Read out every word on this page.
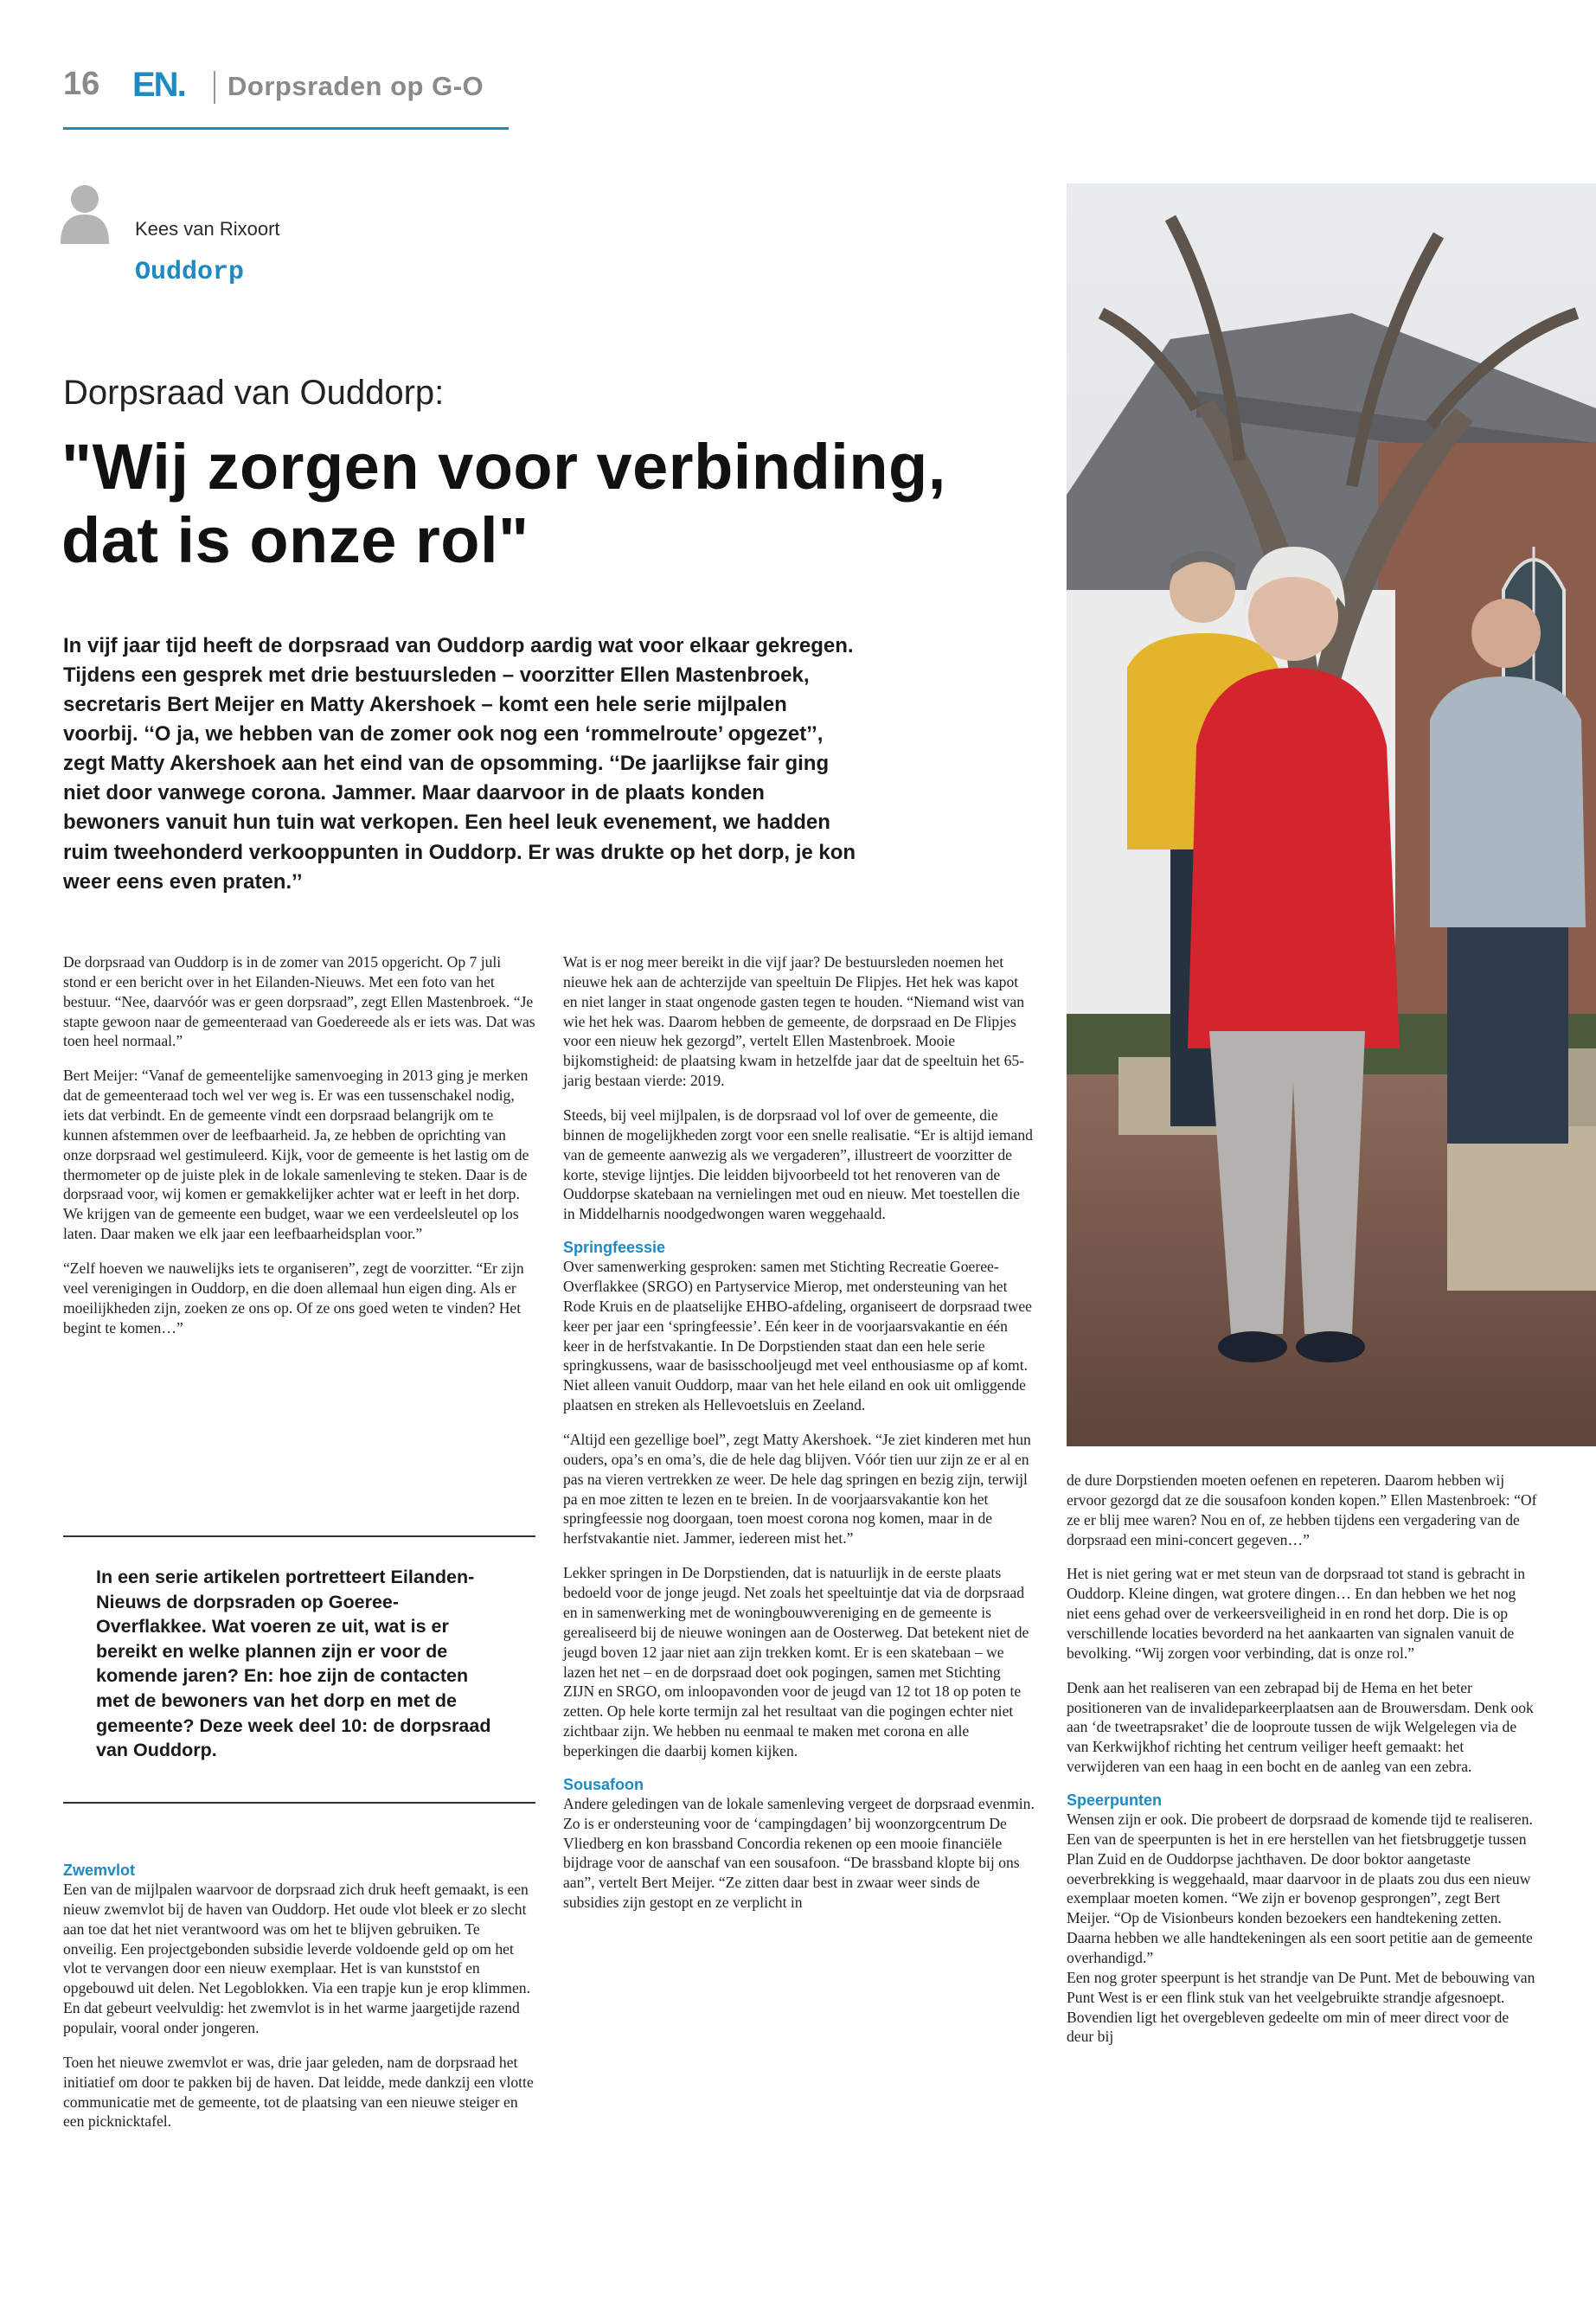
16 EN. Dorpsraden op G-O
Kees van Rixoort
Ouddorp
Dorpsraad van Ouddorp:
"Wij zorgen voor verbinding,
dat is onze rol"
In vijf jaar tijd heeft de dorpsraad van Ouddorp aardig wat voor elkaar gekregen. Tijdens een gesprek met drie bestuursleden – voorzitter Ellen Mastenbroek, secretaris Bert Meijer en Matty Akershoek – komt een hele serie mijlpalen voorbij. ‘‘O ja, we hebben van de zomer ook nog een ‘rommelroute’ opgezet’’, zegt Matty Akershoek aan het eind van de opsomming. ‘‘De jaarlijkse fair ging niet door vanwege corona. Jammer. Maar daarvoor in de plaats konden bewoners vanuit hun tuin wat verkopen. Een heel leuk evenement, we hadden ruim tweehonderd verkooppunten in Ouddorp. Er was drukte op het dorp, je kon weer eens even praten.’’

De dorpsraad van Ouddorp is in de zomer van 2015 opgericht. Op 7 juli stond er een bericht over in het Eilanden-Nieuws. Met een foto van het bestuur. “Nee, daarvóór was er geen dorpsraad”, zegt Ellen Mastenbroek. “Je stapte gewoon naar de gemeenteraad van Goedereede als er iets was. Dat was toen heel normaal.”

Bert Meijer: “Vanaf de gemeentelijke samenvoeging in 2013 ging je merken dat de gemeenteraad toch wel ver weg is. Er was een tussenschakel nodig, iets dat verbindt. En de gemeente vindt een dorpsraad belangrijk om te kunnen afstemmen over de leefbaarheid. Ja, ze hebben de oprichting van onze dorpsraad wel gestimuleerd. Kijk, voor de gemeente is het lastig om de thermometer op de juiste plek in de lokale samenleving te steken. Daar is de dorpsraad voor, wij komen er gemakkelijker achter wat er leeft in het dorp. We krijgen van de gemeente een budget, waar we een verdeelsleutel op los laten. Daar maken we elk jaar een leefbaarheidsplan voor.”

“Zelf hoeven we nauwelijks iets te organiseren”, zegt de voorzitter. “Er zijn veel verenigingen in Ouddorp, en die doen allemaal hun eigen ding. Als er moeilijkheden zijn, zoeken ze ons op. Of ze ons goed weten te vinden? Het begint te komen…”

In een serie artikelen portretteert Eilanden-Nieuws de dorpsraden op Goeree-Overflakkee. Wat voeren ze uit, wat is er bereikt en welke plannen zijn er voor de komende jaren? En: hoe zijn de contacten met de bewoners van het dorp en met de gemeente? Deze week deel 10: de dorpsraad van Ouddorp.
Zwemvlot

Een van de mijlpalen waarvoor de dorpsraad zich druk heeft gemaakt, is een nieuw zwemvlot bij de haven van Ouddorp. Het oude vlot bleek er zo slecht aan toe dat het niet verantwoord was om het te blijven gebruiken. Te onveilig. Een projectgebonden subsidie leverde voldoende geld op om het vlot te vervangen door een nieuw exemplaar. Het is van kunststof en opgebouwd uit delen. Net Legoblokken. Via een trapje kun je erop klimmen. En dat gebeurt veelvuldig: het zwemvlot is in het warme jaargetijde razend populair, vooral onder jongeren.

Toen het nieuwe zwemvlot er was, drie jaar geleden, nam de dorpsraad het initiatief om door te pakken bij de haven. Dat leidde, mede dankzij een vlotte communicatie met de gemeente, tot de plaatsing van een nieuwe steiger en een picknicktafel.

Wat is er nog meer bereikt in die vijf jaar? De bestuursleden noemen het nieuwe hek aan de achterzijde van speeltuin De Flipjes. Het hek was kapot en niet langer in staat ongenode gasten tegen te houden. “Niemand wist van wie het hek was. Daarom hebben de gemeente, de dorpsraad en De Flipjes voor een nieuw hek gezorgd”, vertelt Ellen Mastenbroek. Mooie bijkomstigheid: de plaatsing kwam in hetzelfde jaar dat de speeltuin het 65-jarig bestaan vierde: 2019.

Steeds, bij veel mijlpalen, is de dorpsraad vol lof over de gemeente, die binnen de mogelijkheden zorgt voor een snelle realisatie. “Er is altijd iemand van de gemeente aanwezig als we vergaderen”, illustreert de voorzitter de korte, stevige lijntjes. Die leidden bijvoorbeeld tot het renoveren van de Ouddorpse skatebaan na vernielingen met oud en nieuw. Met toestellen die in Middelharnis noodgedwongen waren weggehaald.

Springfeessie

Over samenwerking gesproken: samen met Stichting Recreatie Goeree-Overflakkee (SRGO) en Partyservice Mierop, met ondersteuning van het Rode Kruis en de plaatselijke EHBO-afdeling, organiseert de dorpsraad twee keer per jaar een ‘springfeessie’. Eén keer in de voorjaarsvakantie en één keer in de herfstvakantie. In De Dorpstienden staat dan een hele serie springkussens, waar de basisschooljeugd met veel enthousiasme op af komt. Niet alleen vanuit Ouddorp, maar van het hele eiland en ook uit omliggende plaatsen en streken als Hellevoetsluis en Zeeland.

“Altijd een gezellige boel”, zegt Matty Akershoek. “Je ziet kinderen met hun ouders, opa’s en oma’s, die de hele dag blijven. Vóór tien uur zijn ze er al en pas na vieren vertrekken ze weer. De hele dag springen en bezig zijn, terwijl pa en moe zitten te lezen en te breien. In de voorjaarsvakantie kon het springfeessie nog doorgaan, toen moest corona nog komen, maar in de herfstvakantie niet. Jammer, iedereen mist het.”

Lekker springen in De Dorpstienden, dat is natuurlijk in de eerste plaats bedoeld voor de jonge jeugd. Net zoals het speeltuintje dat via de dorpsraad en in samenwerking met de woningbouwvereniging en de gemeente is gerealiseerd bij de nieuwe woningen aan de Oosterweg. Dat betekent niet de jeugd boven 12 jaar niet aan zijn trekken komt. Er is een skatebaan – we lazen het net – en de dorpsraad doet ook pogingen, samen met Stichting ZIJN en SRGO, om inloopavonden voor de jeugd van 12 tot 18 op poten te zetten. Op hele korte termijn zal het resultaat van die pogingen echter niet zichtbaar zijn. We hebben nu eenmaal te maken met corona en alle beperkingen die daarbij komen kijken.

Sousafoon

Andere geledingen van de lokale samenleving vergeet de dorpsraad evenmin. Zo is er ondersteuning voor de ‘campingdagen’ bij woonzorgcentrum De Vliedberg en kon brassband Concordia rekenen op een mooie financiële bijdrage voor de aanschaf van een sousafoon. “De brassband klopte bij ons aan”, vertelt Bert Meijer. “Ze zitten daar best in zwaar weer sinds de subsidies zijn gestopt en ze verplicht in

de dure Dorpstienden moeten oefenen en repeteren. Daarom hebben wij ervoor gezorgd dat ze die sousafoon konden kopen.” Ellen Mastenbroek: “Of ze er blij mee waren? Nou en of, ze hebben tijdens een vergadering van de dorpsraad een mini-concert gegeven…”

Het is niet gering wat er met steun van de dorpsraad tot stand is gebracht in Ouddorp. Kleine dingen, wat grotere dingen… En dan hebben we het nog niet eens gehad over de verkeersveiligheid in en rond het dorp. Die is op verschillende locaties bevorderd na het aankaarten van signalen vanuit de bevolking. “Wij zorgen voor verbinding, dat is onze rol.”

Denk aan het realiseren van een zebrapad bij de Hema en het beter positioneren van de invalideparkeerplaatsen aan de Brouwersdam. Denk ook aan ‘de tweetrapsraket’ die de looproute tussen de wijk Welgelegen via de van Kerkwijkhof richting het centrum veiliger heeft gemaakt: het verwijderen van een haag in een bocht en de aanleg van een zebra.

Speerpunten

Wensen zijn er ook. Die probeert de dorpsraad de komende tijd te realiseren. Een van de speerpunten is het in ere herstellen van het fietsbruggetje tussen Plan Zuid en de Ouddorpse jachthaven. De door boktor aangetaste oeverbrekking is weggehaald, maar daarvoor in de plaats zou dus een nieuw exemplaar moeten komen. “We zijn er bovenop gesprongen”, zegt Bert Meijer. “Op de Visionbeurs konden bezoekers een handtekening zetten. Daarna hebben we alle handtekeningen als een soort petitie aan de gemeente overhandigd.”

Een nog groter speerpunt is het strandje van De Punt. Met de bebouwing van Punt West is er een flink stuk van het veelgebruikte strandje afgesnoept. Bovendien ligt het overgebleven gedeelte om min of meer direct voor de deur bij
